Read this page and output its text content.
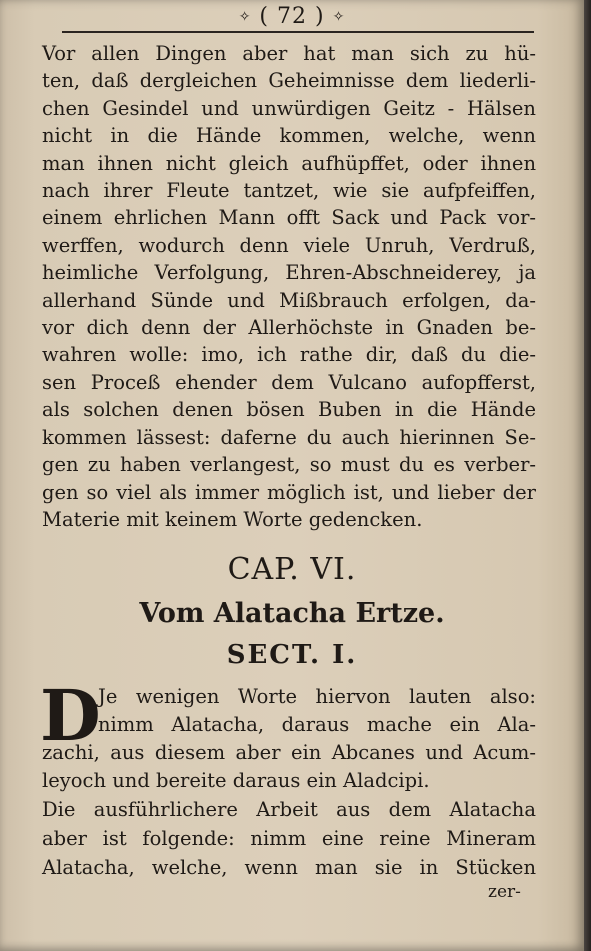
✧ ( 72 ) ✧
Vor allen Dingen aber hat man sich zu hü-
ten, daß dergleichen Geheimnisse dem liederli-
chen Gesindel und unwürdigen Geitz - Hälsen
nicht in die Hände kommen, welche, wenn
man ihnen nicht gleich aufhüpffet, oder ihnen
nach ihrer Fleute tantzet, wie sie aufpfeiffen,
einem ehrlichen Mann offt Sack und Pack vor-
werffen, wodurch denn viele Unruh, Verdruß,
heimliche Verfolgung, Ehren-Abschneiderey, ja
allerhand Sünde und Mißbrauch erfolgen, da-
vor dich denn der Allerhöchste in Gnaden be-
wahren wolle: imo, ich rathe dir, daß du die-
sen Proceß ehender dem Vulcano aufopfferst,
als solchen denen bösen Buben in die Hände
kommen lässest: daferne du auch hierinnen Se-
gen zu haben verlangest, so must du es verber-
gen so viel als immer möglich ist, und lieber der
Materie mit keinem Worte gedencken.
CAP. VI.
Vom Alatacha Ertze.
SECT. I.
D
Je wenigen Worte hiervon lauten also:
nimm Alatacha, daraus mache ein Ala-
zachi, aus diesem aber ein Abcanes und Acum-
leyoch und bereite daraus ein Aladcipi.
Die ausführlichere Arbeit aus dem Alatacha
aber ist folgende: nimm eine reine Mineram
Alatacha, welche, wenn man sie in Stücken
zer-
